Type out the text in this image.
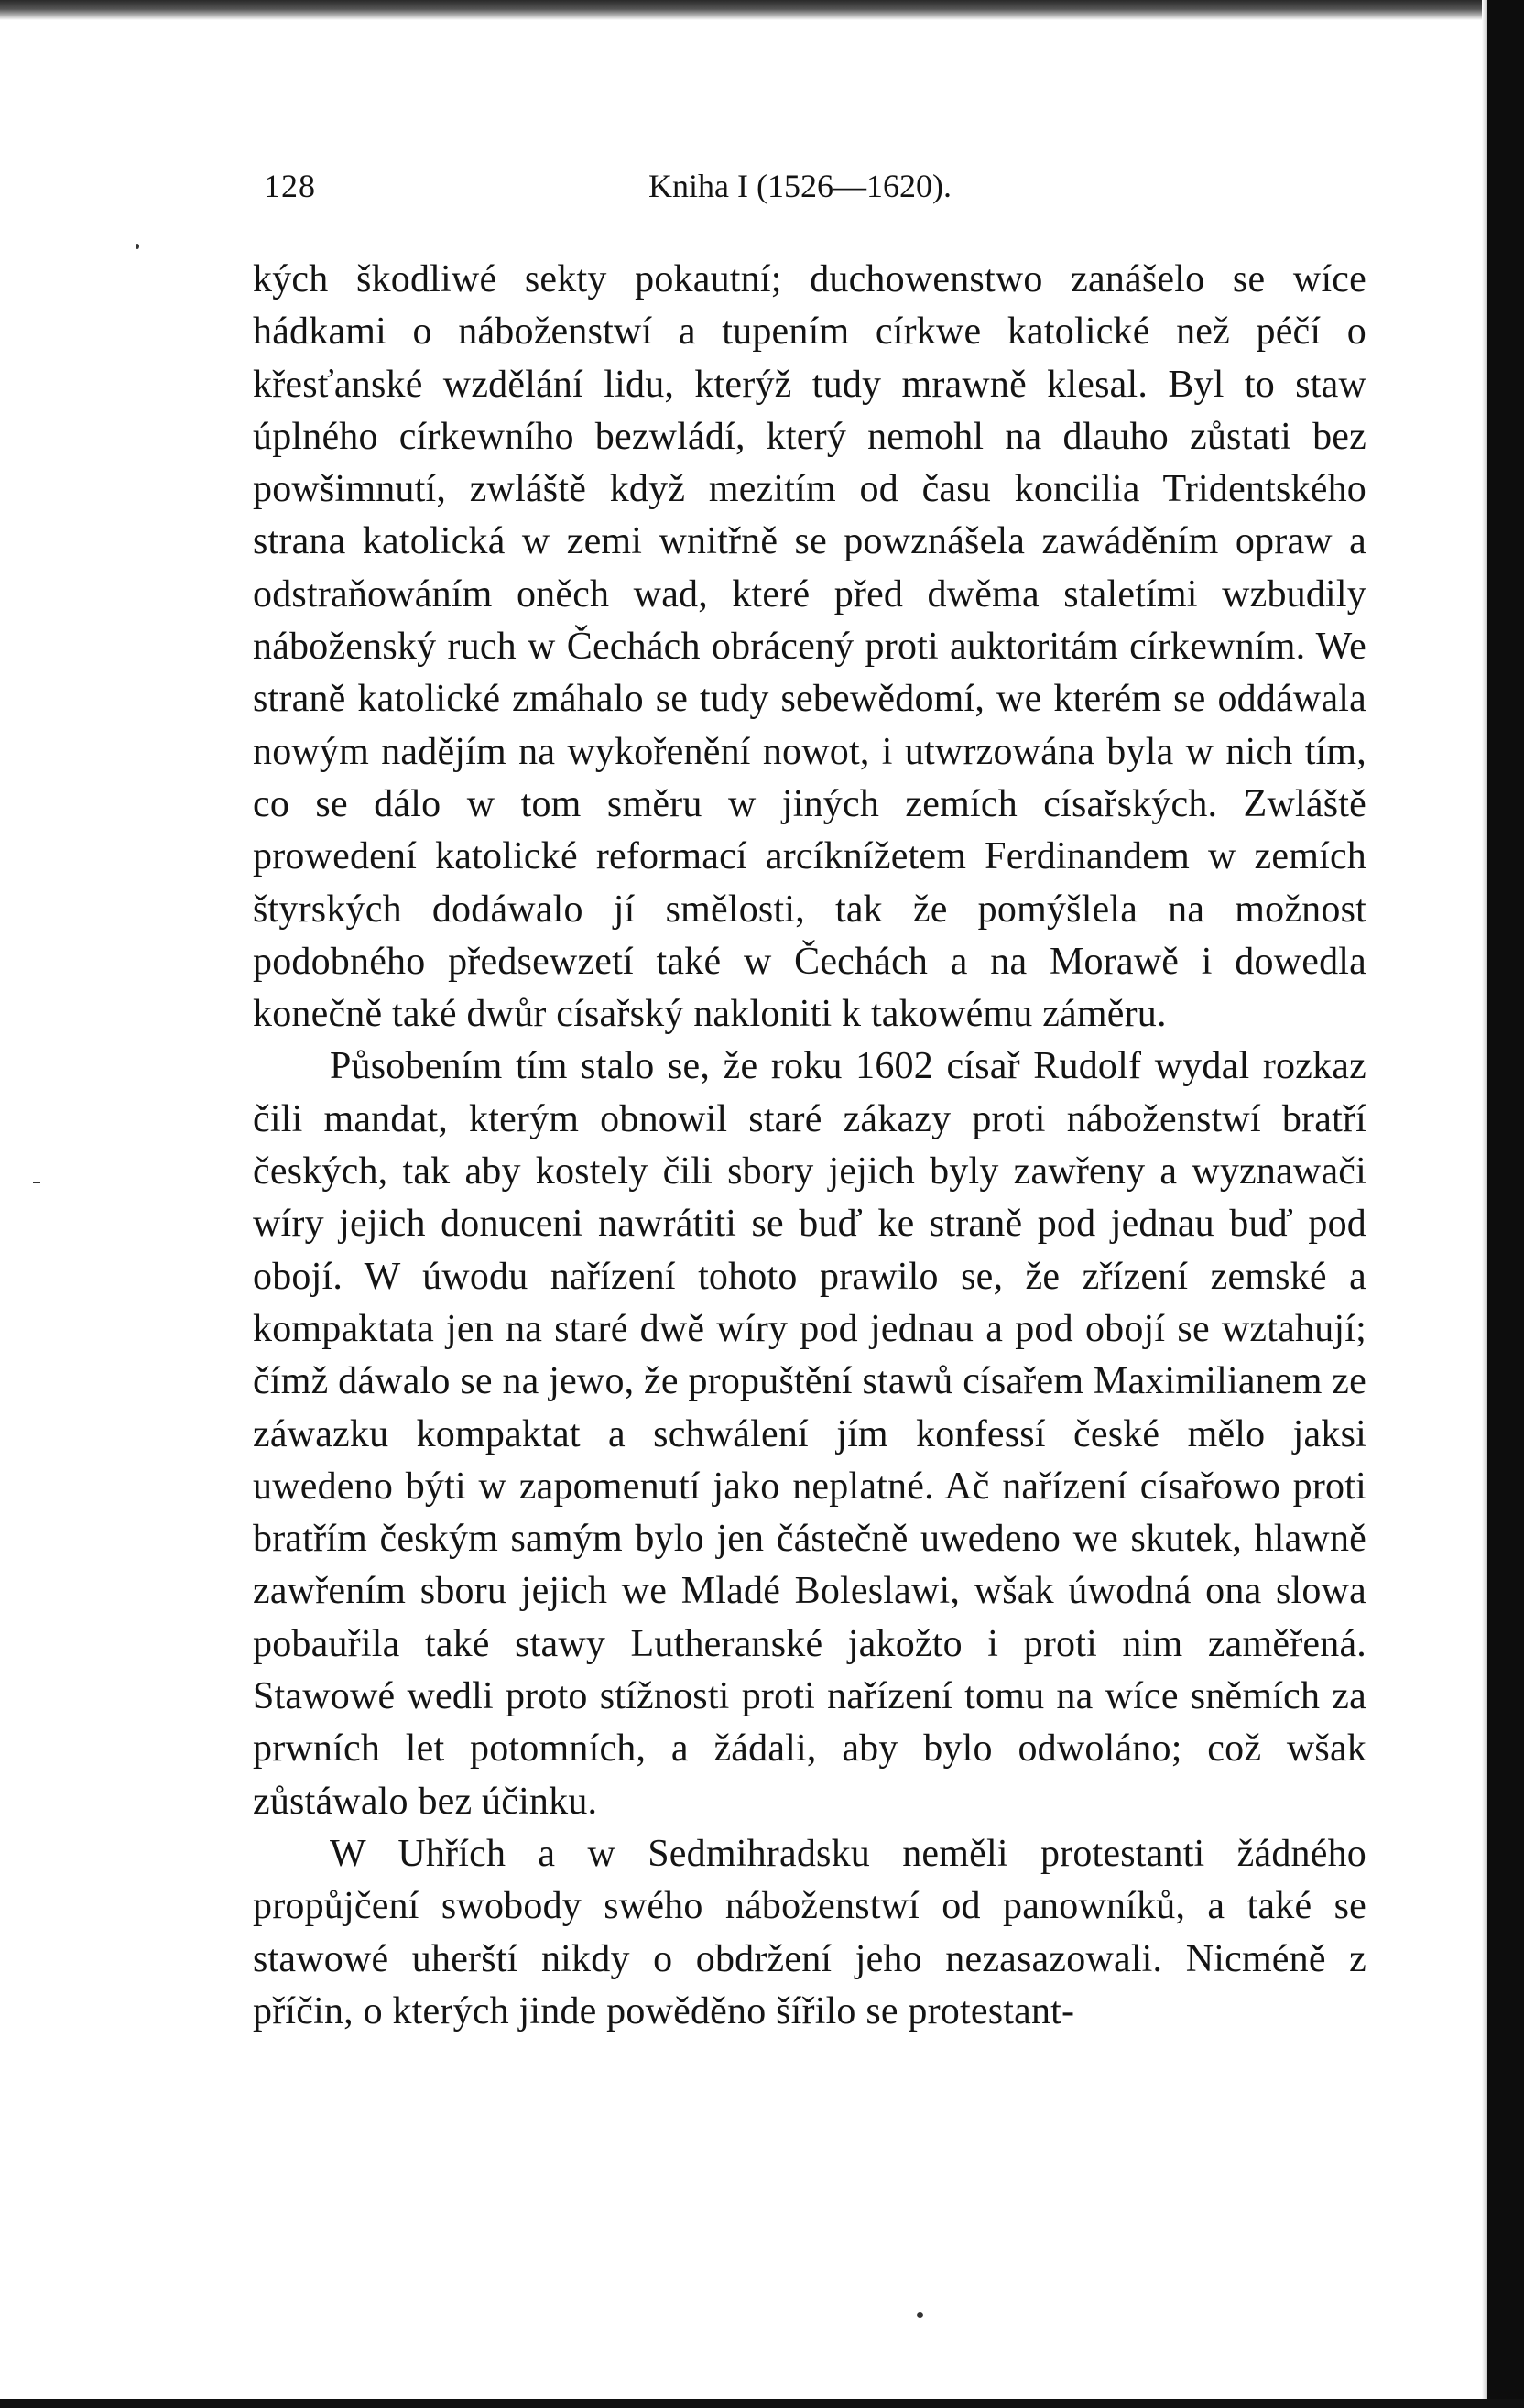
128	Kniha I (1526—1620).

kých škodliwé sekty pokautní; duchowenstwo zanášelo se wíce hádkami o náboženstwí a tupením církwe katolické než péčí o křesťanské wzdělání lidu, kterýž tudy mrawně klesal. Byl to staw úplného církewního bezwládí, který nemohl na dlauho zůstati bez powšimnutí, zwláště když mezitím od času koncilia Tridentského strana katolická w zemi wnitřně se powznášela zawáděním opraw a odstraňowáním oněch wad, které před dwěma staletími wzbudily náboženský ruch w Čechách obrácený proti auktoritám církewním. We straně katolické zmáhalo se tudy sebewědomí, we kterém se oddáwala nowým nadějím na wykořenění nowot, i utwrzowána byla w nich tím, co se dálo w tom směru w jiných zemích císařských. Zwláště prowedení katolické reformací arcíknížetem Ferdinandem w zemích štyrských dodáwalo jí smělosti, tak že pomýšlela na možnost podobného předsewzetí také w Čechách a na Morawě i dowedla konečně také dwůr císařský nakloniti k takowému záměru.

Působením tím stalo se, že roku 1602 císař Rudolf wydal rozkaz čili mandat, kterým obnowil staré zákazy proti náboženstwí bratří českých, tak aby kostely čili sbory jejich byly zawřeny a wyznawači wíry jejich donuceni nawrátiti se buď ke straně pod jednau buď pod obojí. W úwodu nařízení tohoto prawilo se, že zřízení zemské a kompaktata jen na staré dwě wíry pod jednau a pod obojí se wztahují; čímž dáwalo se na jewo, že propuštění stawů císařem Maximilianem ze záwazku kompaktat a schwálení jím konfessí české mělo jaksi uwedeno býti w zapomenutí jako neplatné. Ač nařízení císařowo proti bratřím českým samým bylo jen částečně uwedeno we skutek, hlawně zawřením sboru jejich we Mladé Boleslawi, wšak úwodná ona slowa pobauřila také stawy Lutheranské jakožto i proti nim zaměřená. Stawowé wedli proto stížnosti proti nařízení tomu na wíce sněmích za prwních let potomních, a žádali, aby bylo odwoláno; což wšak zůstáwalo bez účinku.

W Uhřích a w Sedmihradsku neměli protestanti žádného propůjčení swobody swého náboženstwí od panowníků, a také se stawowé uherští nikdy o obdržení jeho nezasazowali. Nicméně z příčin, o kterých jinde powěděno šířilo se protestant-
